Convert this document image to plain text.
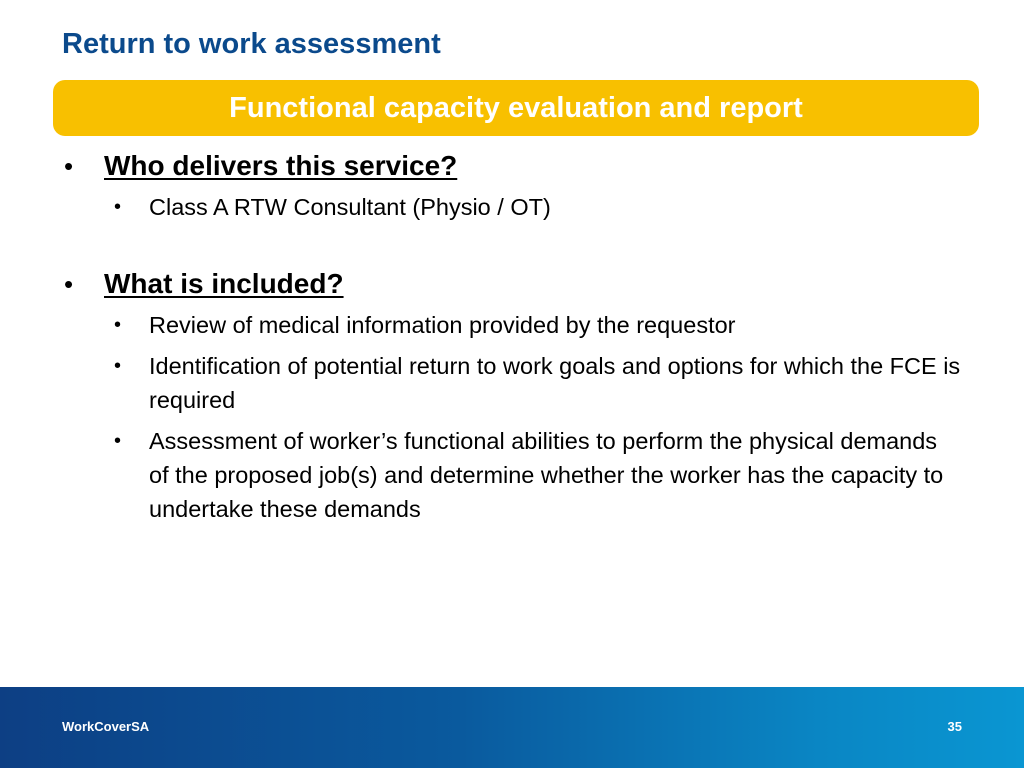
Return to work assessment
Functional capacity evaluation and report
•	Who delivers this service?
•	Class A RTW Consultant (Physio / OT)
•	What is included?
•	Review of medical information provided by the requestor
•	Identification of potential return to work goals and options for which the FCE is required
•	Assessment of worker’s functional abilities to perform the physical demands of the proposed job(s) and determine whether the worker has the capacity to undertake these demands
WorkCoverSA	35
